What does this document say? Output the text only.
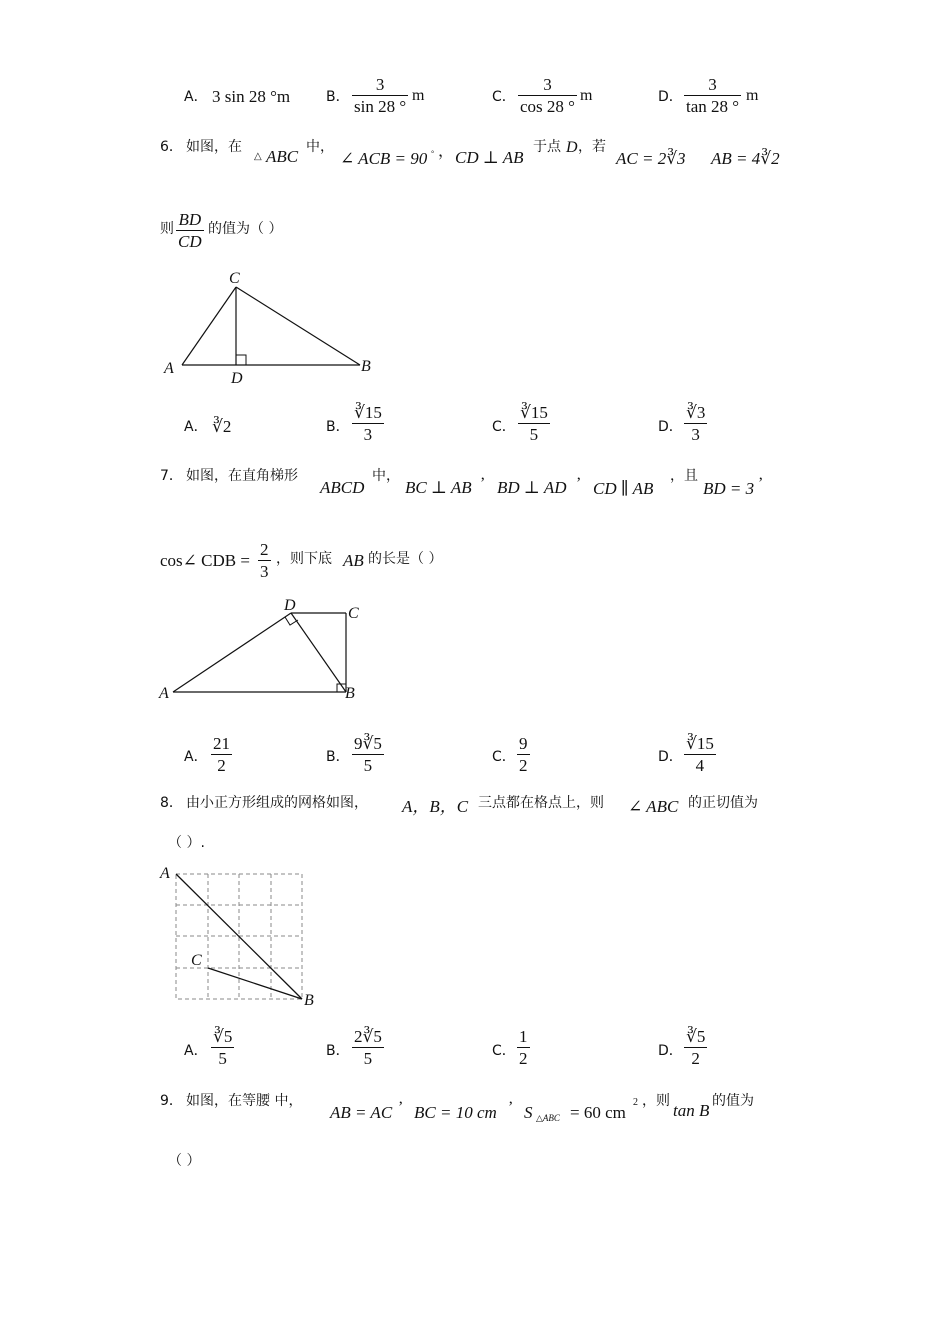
A． 3 sin 28 °m	B．
3
sin 28 °
m	C．
3
cos 28 °
m	D．
3
tan 28 °
m
6． 如图，在
△ ABC 中，
∠ ACB = 90 ° ， CD ⊥ AB
于点 D ，若
AC = 2∛3 AB = 4∛2
则 BD
CD
的值为（ ）
C
A
D
B
A． ∛2	B．
∛15
3	C．
∛15
5	D．
∛3
3
7． 如图，在直角梯形
ABCD
中，
BC ⊥ AB ’ BD ⊥ AD ’ CD ∥ AB
，且
BD = 3 ’
cos∠ CDB =
2
3
，则下底 AB 的长是（ ）
D	C
A	B
A．
21
2	B．
9∛5
5	C．
9
2	D．
∛15
4
8． 由小正方形组成的网格如图， A，B，C 三点都在格点上，则 ∠ ABC 的正切值为
（ ）.
A
C
B
A．
∛5
5	B．
2∛5
5	C．
1
2	D．
∛5
2
9． 如图，在等腰 中，
AB = AC ’ BC = 10 cm ’ S △ABC = 60 cm
2 ，则 tan B 的值为
（ ）
